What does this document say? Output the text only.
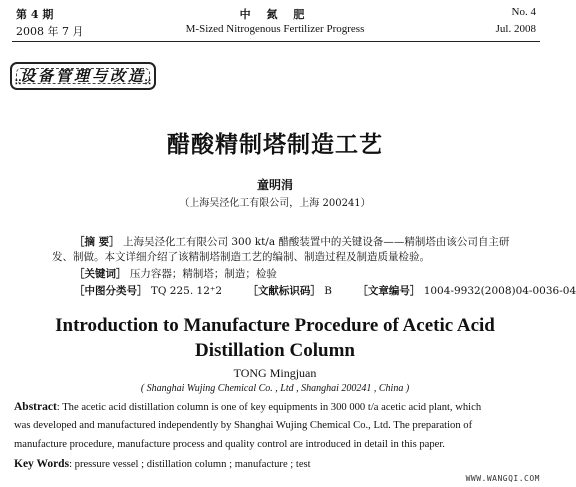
第 4 期
2008 年 7 月
中 氮 肥
M-Sized Nitrogenous Fertilizer Progress
No. 4
Jul. 2008
∷
设备管理与改造
∷
醋酸精制塔制造工艺
童明涓
（上海吴泾化工有限公司，上海 200241）
［摘 要］ 上海吴泾化工有限公司 300 kt/a 醋酸装置中的关键设备——精制塔由该公司自主研
发、制做。本文详细介绍了该精制塔制造工艺的编制、制造过程及制造质量检验。
［关键词］ 压力容器；精制塔；制造；检验
［中图分类号］ TQ 225. 12⁺2 ［文献标识码］ B ［文章编号］ 1004-9932(2008)04-0036-04
Introduction to Manufacture Procedure of Acetic Acid
Distillation Column
TONG Mingjuan
( Shanghai Wujing Chemical Co. , Ltd , Shanghai 200241 , China )
Abstract: The acetic acid distillation column is one of key equipments in 300 000 t/a acetic acid plant, which
was developed and manufactured independently by Shanghai Wujing Chemical Co., Ltd. The preparation of
manufacture procedure, manufacture process and quality control are introduced in detail in this paper.
Key Words: pressure vessel ; distillation column ; manufacture ; test
WWW.WANGQI.COM
